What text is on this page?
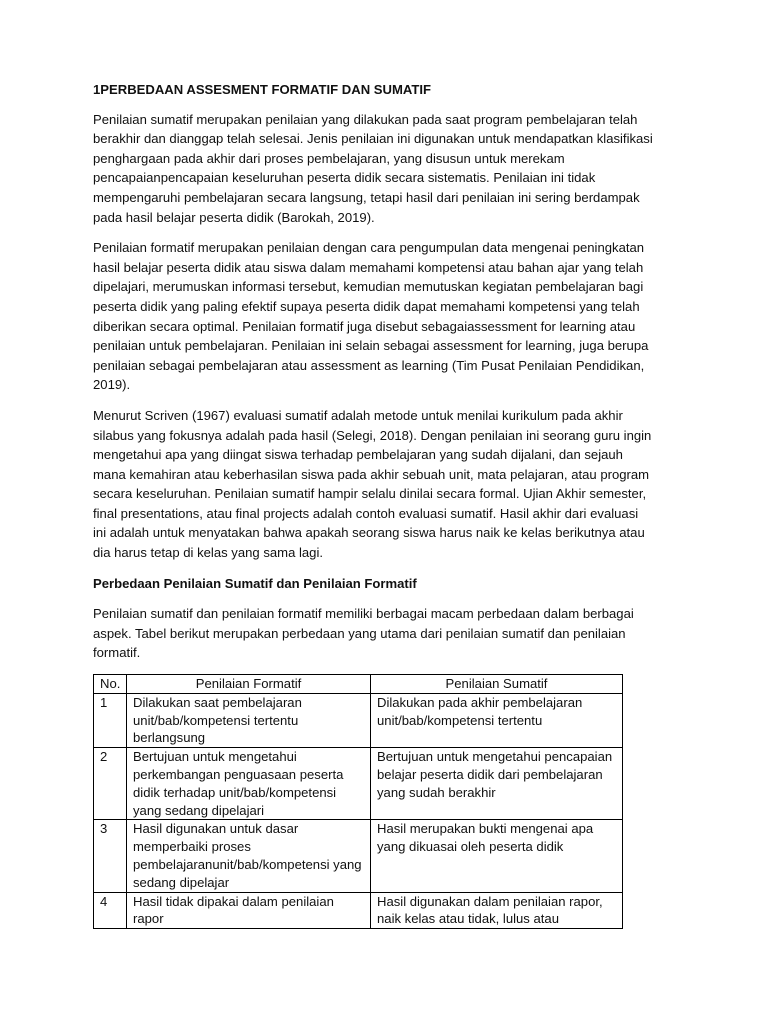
1PERBEDAAN ASSESMENT FORMATIF DAN SUMATIF

Penilaian sumatif merupakan penilaian yang dilakukan pada saat program pembelajaran telah berakhir dan dianggap telah selesai. Jenis penilaian ini digunakan untuk mendapatkan klasifikasi penghargaan pada akhir dari proses pembelajaran, yang disusun untuk merekam pencapaianpencapaian keseluruhan peserta didik secara sistematis. Penilaian ini tidak mempengaruhi pembelajaran secara langsung, tetapi hasil dari penilaian ini sering berdampak pada hasil belajar peserta didik (Barokah, 2019).

Penilaian formatif merupakan penilaian dengan cara pengumpulan data mengenai peningkatan hasil belajar peserta didik atau siswa dalam memahami kompetensi atau bahan ajar yang telah dipelajari, merumuskan informasi tersebut, kemudian memutuskan kegiatan pembelajaran bagi peserta didik yang paling efektif supaya peserta didik dapat memahami kompetensi yang telah diberikan secara optimal. Penilaian formatif juga disebut sebagaiassessment for learning atau penilaian untuk pembelajaran. Penilaian ini selain sebagai assessment for learning, juga berupa penilaian sebagai pembelajaran atau assessment as learning (Tim Pusat Penilaian Pendidikan, 2019).

Menurut Scriven (1967) evaluasi sumatif adalah metode untuk menilai kurikulum pada akhir silabus yang fokusnya adalah pada hasil (Selegi, 2018). Dengan penilaian ini seorang guru ingin mengetahui apa yang diingat siswa terhadap pembelajaran yang sudah dijalani, dan sejauh mana kemahiran atau keberhasilan siswa pada akhir sebuah unit, mata pelajaran, atau program secara keseluruhan. Penilaian sumatif hampir selalu dinilai secara formal. Ujian Akhir semester, final presentations, atau final projects adalah contoh evaluasi sumatif. Hasil akhir dari evaluasi ini adalah untuk menyatakan bahwa apakah seorang siswa harus naik ke kelas berikutnya atau dia harus tetap di kelas yang sama lagi.

Perbedaan Penilaian Sumatif dan Penilaian Formatif

Penilaian sumatif dan penilaian formatif memiliki berbagai macam perbedaan dalam berbagai aspek. Tabel berikut merupakan perbedaan yang utama dari penilaian sumatif dan penilaian formatif.

No.	Penilaian Formatif	Penilaian Sumatif
1	Dilakukan saat pembelajaran unit/bab/kompetensi tertentu berlangsung	Dilakukan pada akhir pembelajaran unit/bab/kompetensi tertentu
2	Bertujuan untuk mengetahui perkembangan penguasaan peserta didik terhadap unit/bab/kompetensi yang sedang dipelajari	Bertujuan untuk mengetahui pencapaian belajar peserta didik dari pembelajaran yang sudah berakhir
3	Hasil digunakan untuk dasar memperbaiki proses pembelajaranunit/bab/kompetensi yang sedang dipelajar	Hasil merupakan bukti mengenai apa yang dikuasai oleh peserta didik
4	Hasil tidak dipakai dalam penilaian rapor	Hasil digunakan dalam penilaian rapor, naik kelas atau tidak, lulus atau
